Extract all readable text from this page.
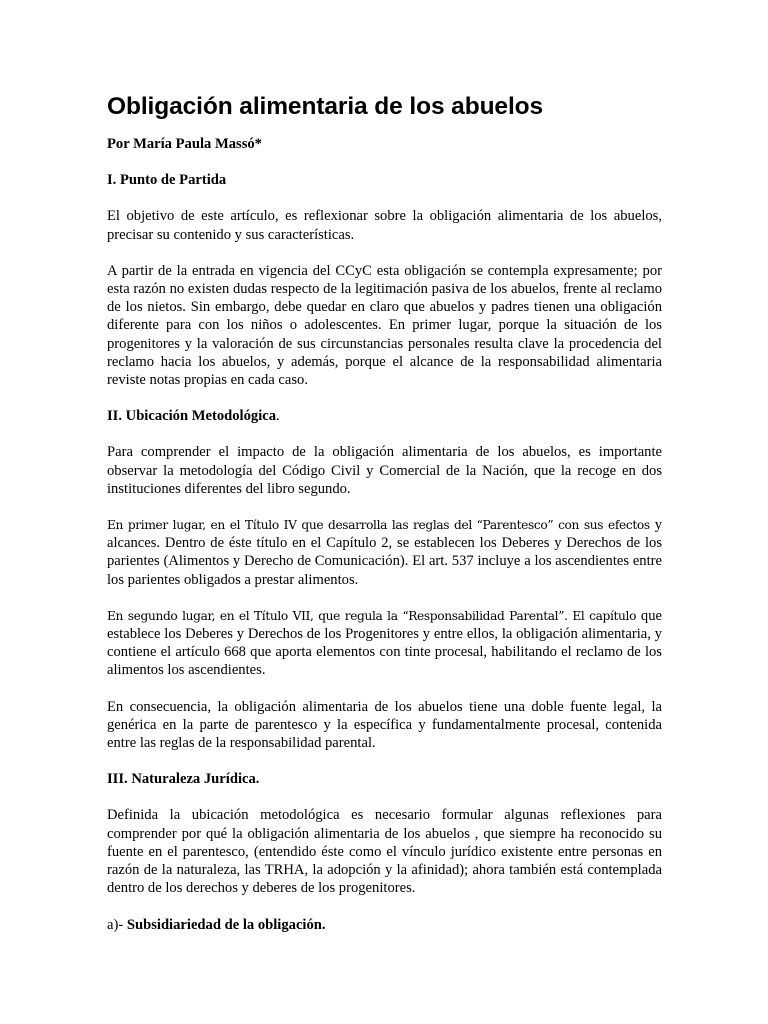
Obligación alimentaria de los abuelos
Por María Paula Massó*
I. Punto de Partida

El objetivo de este artículo, es reflexionar sobre la obligación alimentaria de los abuelos, precisar su contenido y sus características.

A partir de la entrada en vigencia del CCyC esta obligación se contempla expresamente; por esta razón no existen dudas respecto de la legitimación pasiva de los abuelos, frente al reclamo de los nietos. Sin embargo, debe quedar en claro que abuelos y padres tienen una obligación diferente para con los niños o adolescentes. En primer lugar, porque la situación de los progenitores y la valoración de sus circunstancias personales resulta clave la procedencia del reclamo hacia los abuelos, y además, porque el alcance de la responsabilidad alimentaria reviste notas propias en cada caso.

II. Ubicación Metodológica.

Para comprender el impacto de la obligación alimentaria de los abuelos, es importante observar la metodología del Código Civil y Comercial de la Nación, que la recoge en dos instituciones diferentes del libro segundo.

En primer lugar, en el Título IV que desarrolla las reglas del “Parentesco” con sus efectos y alcances. Dentro de éste título en el Capítulo 2, se establecen los Deberes y Derechos de los parientes (Alimentos y Derecho de Comunicación). El art. 537 incluye a los ascendientes entre los parientes obligados a prestar alimentos.

En segundo lugar, en el Título VII, que regula la “Responsabilidad Parental”. El capítulo que establece los Deberes y Derechos de los Progenitores y entre ellos, la obligación alimentaria, y contiene el artículo 668 que aporta elementos con tinte procesal, habilitando el reclamo de los alimentos los ascendientes.

En consecuencia, la obligación alimentaria de los abuelos tiene una doble fuente legal, la genérica en la parte de parentesco y la específica y fundamentalmente procesal, contenida entre las reglas de la responsabilidad parental.

III. Naturaleza Jurídica.

Definida la ubicación metodológica es necesario formular algunas reflexiones para comprender por qué la obligación alimentaria de los abuelos , que siempre ha reconocido su fuente en el parentesco, (entendido éste como el vínculo jurídico existente entre personas en razón de la naturaleza, las TRHA, la adopción y la afinidad); ahora también está contemplada dentro de los derechos y deberes de los progenitores.

a)- Subsidiariedad de la obligación.
